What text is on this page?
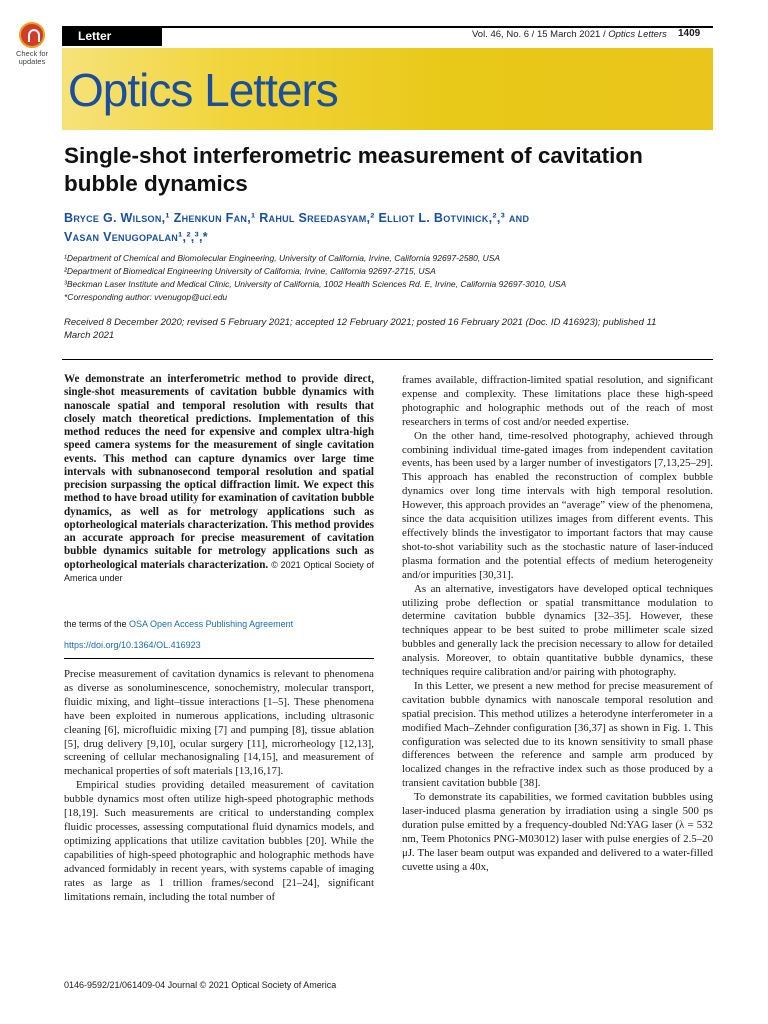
Check for
updates
Letter	Vol. 46, No. 6 / 15 March 2021 / Optics Letters 1409
Optics Letters
Single-shot interferometric measurement of cavitation bubble dynamics
Bryce G. Wilson,¹ Zhenkun Fan,¹ Rahul Sreedasyam,² Elliot L. Botvinick,²,³ and
Vasan Venugopalan¹,²,³,*
¹Department of Chemical and Biomolecular Engineering, University of California, Irvine, California 92697-2580, USA
²Department of Biomedical Engineering University of California, Irvine, California 92697-2715, USA
³Beckman Laser Institute and Medical Clinic, University of California, 1002 Health Sciences Rd. E, Irvine, California 92697-3010, USA
*Corresponding author: vvenugop@uci.edu
Received 8 December 2020; revised 5 February 2021; accepted 12 February 2021; posted 16 February 2021 (Doc. ID 416923); published 11 March 2021
We demonstrate an interferometric method to provide direct, single-shot measurements of cavitation bubble dynamics with nanoscale spatial and temporal resolution with results that closely match theoretical predictions. Implementation of this method reduces the need for expensive and complex ultra-high speed camera systems for the measurement of single cavitation events. This method can capture dynamics over large time intervals with subnanosecond temporal resolution and spatial precision surpassing the optical diffraction limit. We expect this method to have broad utility for examination of cavitation bubble dynamics, as well as for metrology applications such as optorheological materials characterization. This method provides an accurate approach for precise measurement of cavitation bubble dynamics suitable for metrology applications such as optorheological materials characterization. © 2021 Optical Society of America under
the terms of the OSA Open Access Publishing Agreement
https://doi.org/10.1364/OL.416923

Precise measurement of cavitation dynamics is relevant to phenomena as diverse as sonoluminescence, sonochemistry, molecular transport, fluidic mixing, and light–tissue interactions [1–5]. These phenomena have been exploited in numerous applications, including ultrasonic cleaning [6], microfluidic mixing [7] and pumping [8], tissue ablation [5], drug delivery [9,10], ocular surgery [11], microrheology [12,13], screening of cellular mechanosignaling [14,15], and measurement of mechanical properties of soft materials [13,16,17].

Empirical studies providing detailed measurement of cavitation bubble dynamics most often utilize high-speed photographic methods [18,19]. Such measurements are critical to understanding complex fluidic processes, assessing computational fluid dynamics models, and optimizing applications that utilize cavitation bubbles [20]. While the capabilities of high-speed photographic and holographic methods have advanced formidably in recent years, with systems capable of imaging rates as large as 1 trillion frames/second [21–24], significant limitations remain, including the total number of

frames available, diffraction-limited spatial resolution, and significant expense and complexity. These limitations place these high-speed photographic and holographic methods out of the reach of most researchers in terms of cost and/or needed expertise.

On the other hand, time-resolved photography, achieved through combining individual time-gated images from independent cavitation events, has been used by a larger number of investigators [7,13,25–29]. This approach has enabled the reconstruction of complex bubble dynamics over long time intervals with high temporal resolution. However, this approach provides an “average” view of the phenomena, since the data acquisition utilizes images from different events. This effectively blinds the investigator to important factors that may cause shot-to-shot variability such as the stochastic nature of laser-induced plasma formation and the potential effects of medium heterogeneity and/or impurities [30,31].

As an alternative, investigators have developed optical techniques utilizing probe deflection or spatial transmittance modulation to determine cavitation bubble dynamics [32–35]. However, these techniques appear to be best suited to probe millimeter scale sized bubbles and generally lack the precision necessary to allow for detailed analysis. Moreover, to obtain quantitative bubble dynamics, these techniques require calibration and/or pairing with photography.

In this Letter, we present a new method for precise measurement of cavitation bubble dynamics with nanoscale temporal resolution and spatial precision. This method utilizes a heterodyne interferometer in a modified Mach–Zehnder configuration [36,37] as shown in Fig. 1. This configuration was selected due to its known sensitivity to small phase differences between the reference and sample arm produced by localized changes in the refractive index such as those produced by a transient cavitation bubble [38].

To demonstrate its capabilities, we formed cavitation bubbles using laser-induced plasma generation by irradiation using a single 500 ps duration pulse emitted by a frequency-doubled Nd:YAG laser (λ = 532 nm, Teem Photonics PNG-M03012) laser with pulse energies of 2.5–20 μJ. The laser beam output was expanded and delivered to a water-filled cuvette using a 40x,

0146-9592/21/061409-04 Journal © 2021 Optical Society of America
